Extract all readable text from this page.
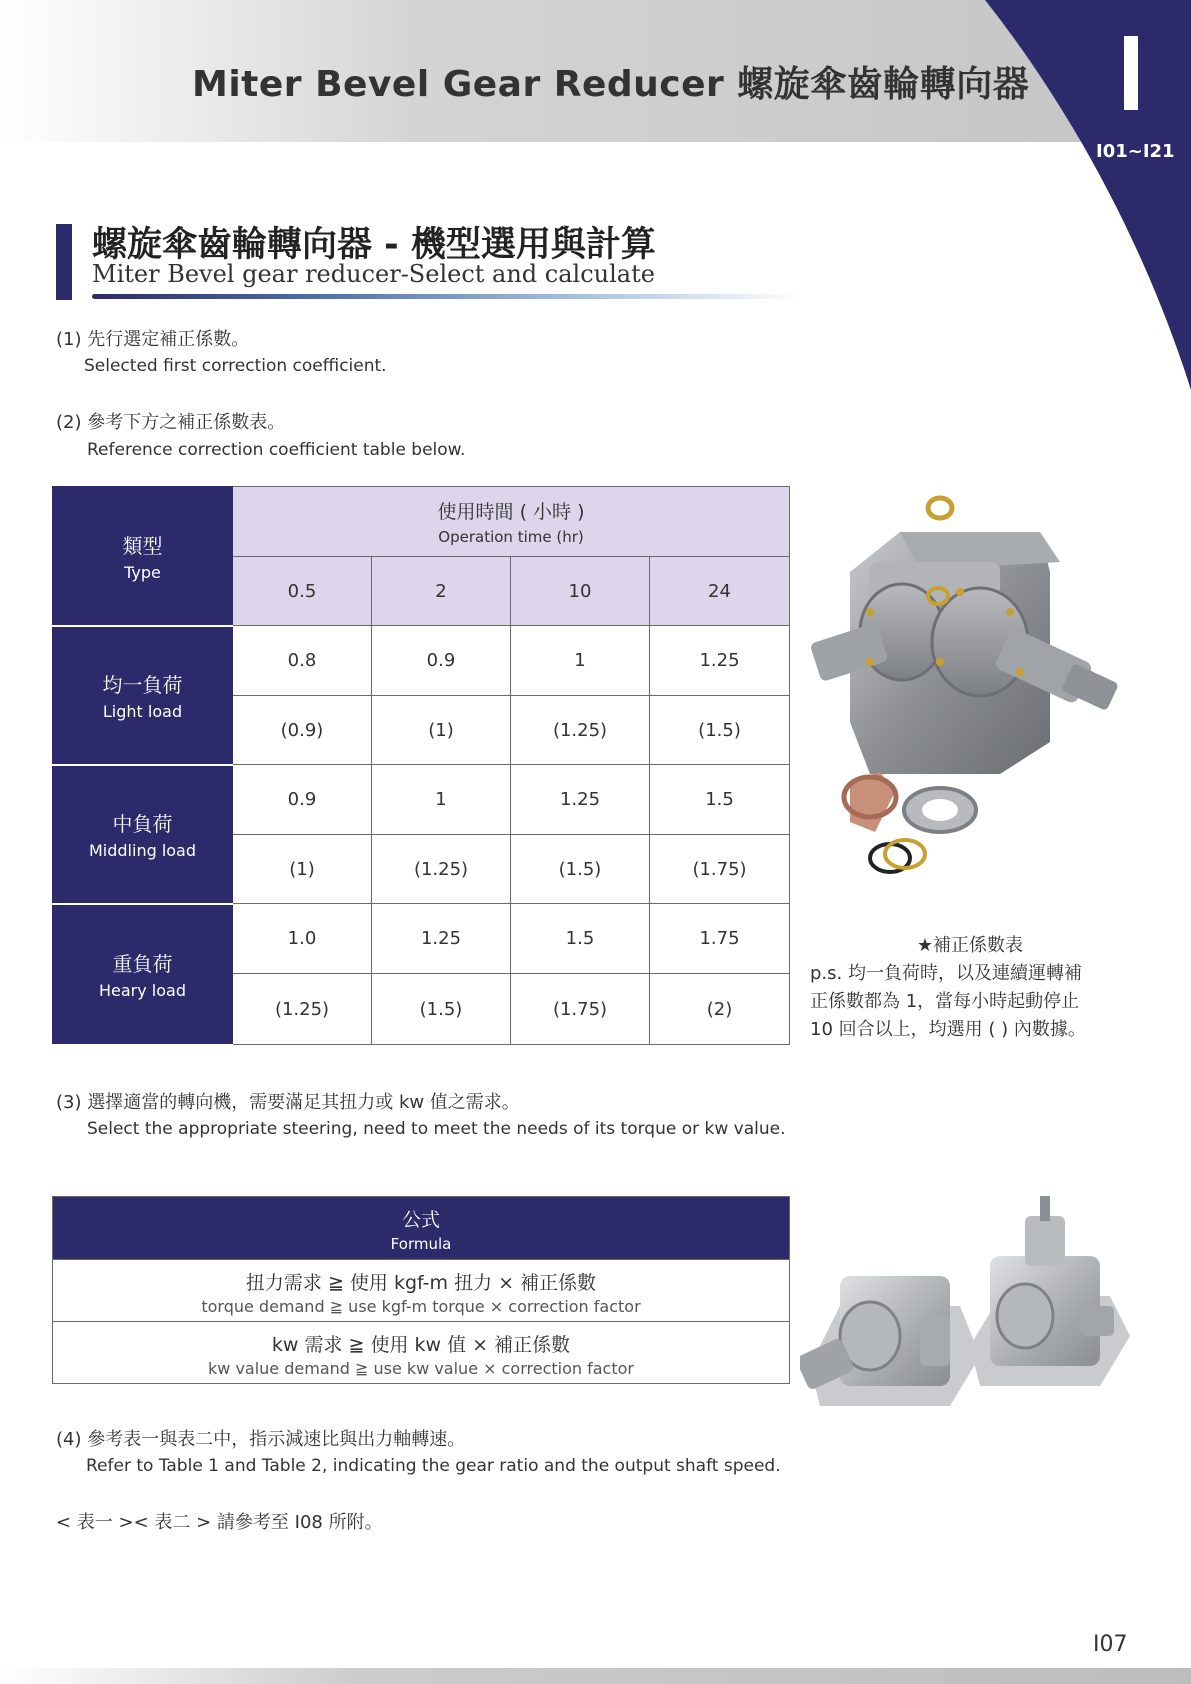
Miter Bevel Gear Reducer 螺旋傘齒輪轉向器
I01~I21
螺旋傘齒輪轉向器 - 機型選用與計算
Miter Bevel gear reducer-Select and calculate
(1) 先行選定補正係數。
Selected first correction coefficient.
(2) 參考下方之補正係數表。
Reference correction coefficient table below.
類型
Type	使用時間 ( 小時 )
Operation time (hr)			

	0.5	2	10	24

均一負荷
Light load	0.8	0.9	1	1.25
	(0.9)	(1)	(1.25)	(1.5)

中負荷
Middling load	0.9	1	1.25	1.5
	(1)	(1.25)	(1.5)	(1.75)

重負荷
Heary load	1.0	1.25	1.5	1.75
	(1.25)	(1.5)	(1.75)	(2)
★補正係數表
p.s. 均一負荷時，以及連續運轉補
正係數都為 1，當每小時起動停止
10 回合以上，均選用 ( ) 內數據。
(3) 選擇適當的轉向機，需要滿足其扭力或 kw 值之需求。
Select the appropriate steering, need to meet the needs of its torque or kw value.
公式
Formula
扭力需求 ≧ 使用 kgf-m 扭力 × 補正係數
torque demand ≧ use kgf-m torque × correction factor
kw 需求 ≧ 使用 kw 值 × 補正係數
kw value demand ≧ use kw value × correction factor
(4) 參考表一與表二中，指示減速比與出力軸轉速。
Refer to Table 1 and Table 2, indicating the gear ratio and the output shaft speed.
< 表一 >< 表二 > 請參考至 I08 所附。
I07
